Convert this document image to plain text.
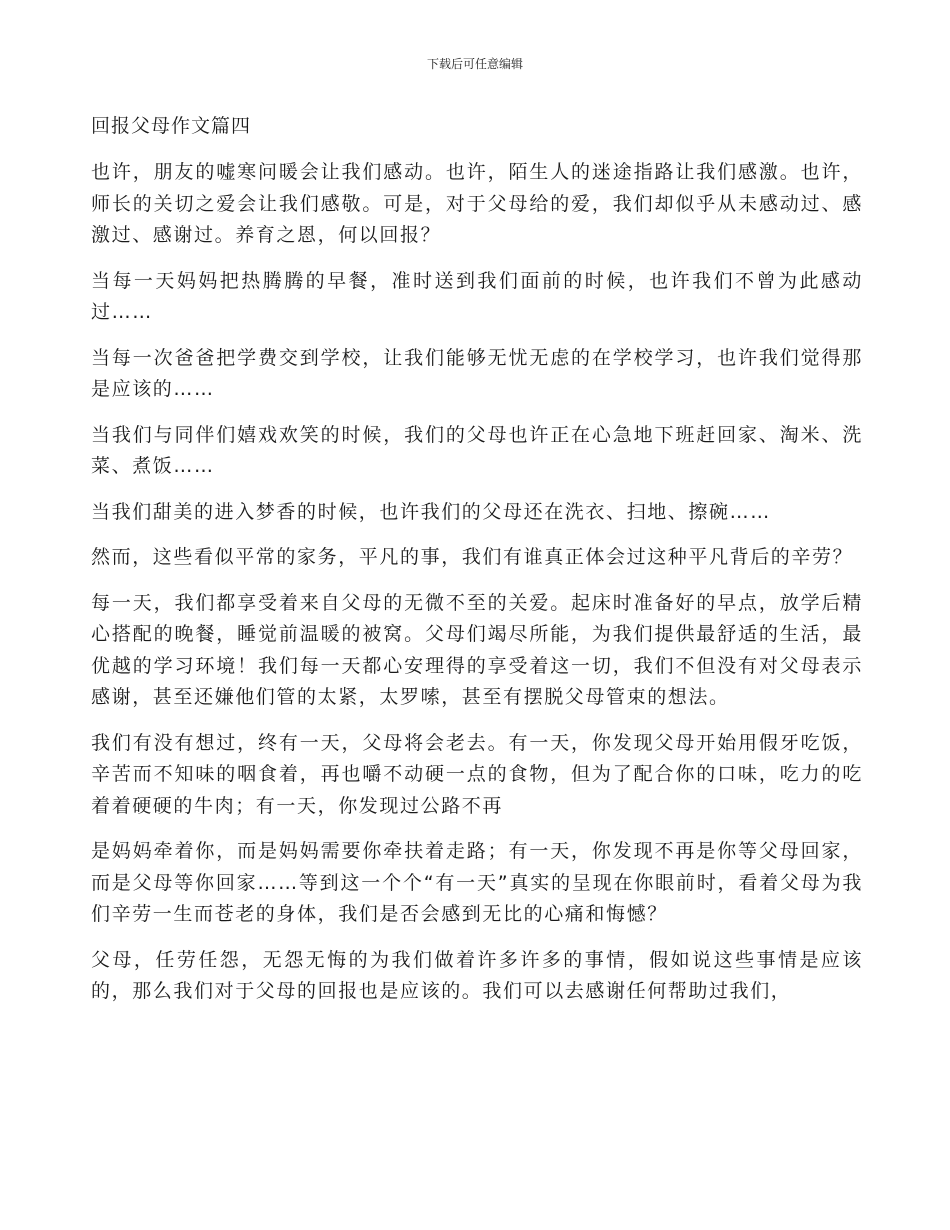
下载后可任意编辑

回报父母作文篇四

也许，朋友的嘘寒问暖会让我们感动。也许，陌生人的迷途指路让我们感激。也许，师长的关切之爱会让我们感敬。可是，对于父母给的爱，我们却似乎从未感动过、感激过、感谢过。养育之恩，何以回报？

当每一天妈妈把热腾腾的早餐，准时送到我们面前的时候，也许我们不曾为此感动过……

当每一次爸爸把学费交到学校，让我们能够无忧无虑的在学校学习，也许我们觉得那是应该的……

当我们与同伴们嬉戏欢笑的时候，我们的父母也许正在心急地下班赶回家、淘米、洗菜、煮饭……

当我们甜美的进入梦香的时候，也许我们的父母还在洗衣、扫地、擦碗……

然而，这些看似平常的家务，平凡的事，我们有谁真正体会过这种平凡背后的辛劳？

每一天，我们都享受着来自父母的无微不至的关爱。起床时准备好的早点，放学后精心搭配的晚餐，睡觉前温暖的被窝。父母们竭尽所能，为我们提供最舒适的生活，最优越的学习环境！我们每一天都心安理得的享受着这一切，我们不但没有对父母表示感谢，甚至还嫌他们管的太紧，太罗嗦，甚至有摆脱父母管束的想法。

我们有没有想过，终有一天，父母将会老去。有一天，你发现父母开始用假牙吃饭，辛苦而不知味的咽食着，再也嚼不动硬一点的食物，但为了配合你的口味，吃力的吃着着硬硬的牛肉；有一天，你发现过公路不再

是妈妈牵着你，而是妈妈需要你牵扶着走路；有一天，你发现不再是你等父母回家，而是父母等你回家……等到这一个个“有一天”真实的呈现在你眼前时，看着父母为我们辛劳一生而苍老的身体，我们是否会感到无比的心痛和悔憾？

父母，任劳任怨，无怨无悔的为我们做着许多许多的事情，假如说这些事情是应该的，那么我们对于父母的回报也是应该的。我们可以去感谢任何帮助过我们，
